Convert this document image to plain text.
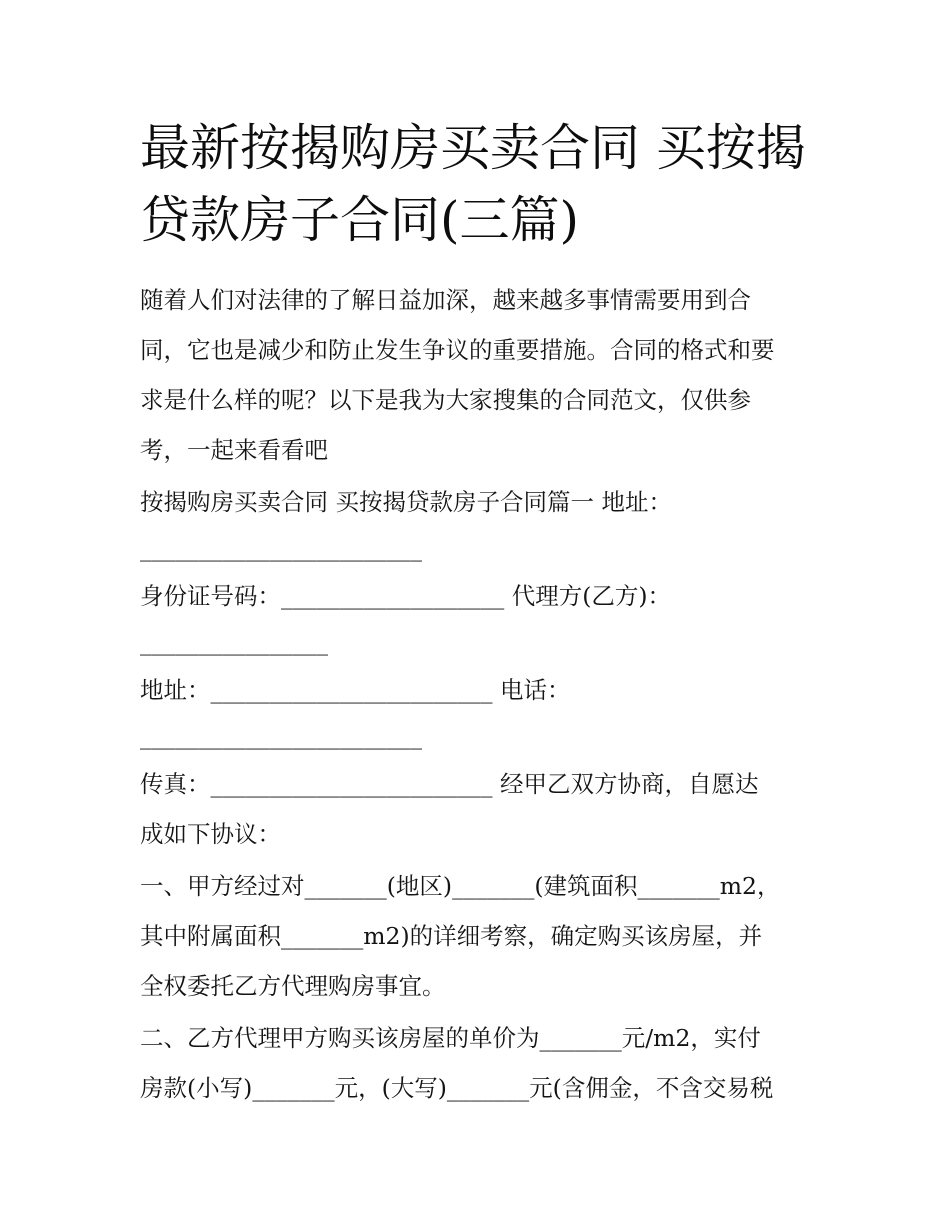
最新按揭购房买卖合同 买按揭
贷款房子合同(三篇)
随着人们对法律的了解日益加深，越来越多事情需要用到合
同，它也是减少和防止发生争议的重要措施。合同的格式和要
求是什么样的呢？以下是我为大家搜集的合同范文，仅供参
考，一起来看看吧
按揭购房买卖合同 买按揭贷款房子合同篇一 地址：
________________________
身份证号码：___________________ 代理方(乙方)：
________________
地址：________________________ 电话：
________________________
传真：________________________ 经甲乙双方协商，自愿达
成如下协议：
一、甲方经过对_______(地区)_______(建筑面积_______m2，
其中附属面积_______m2)的详细考察，确定购买该房屋，并
全权委托乙方代理购房事宜。
二、乙方代理甲方购买该房屋的单价为_______元/m2，实付
房款(小写)_______元，(大写)_______元(含佣金，不含交易税
